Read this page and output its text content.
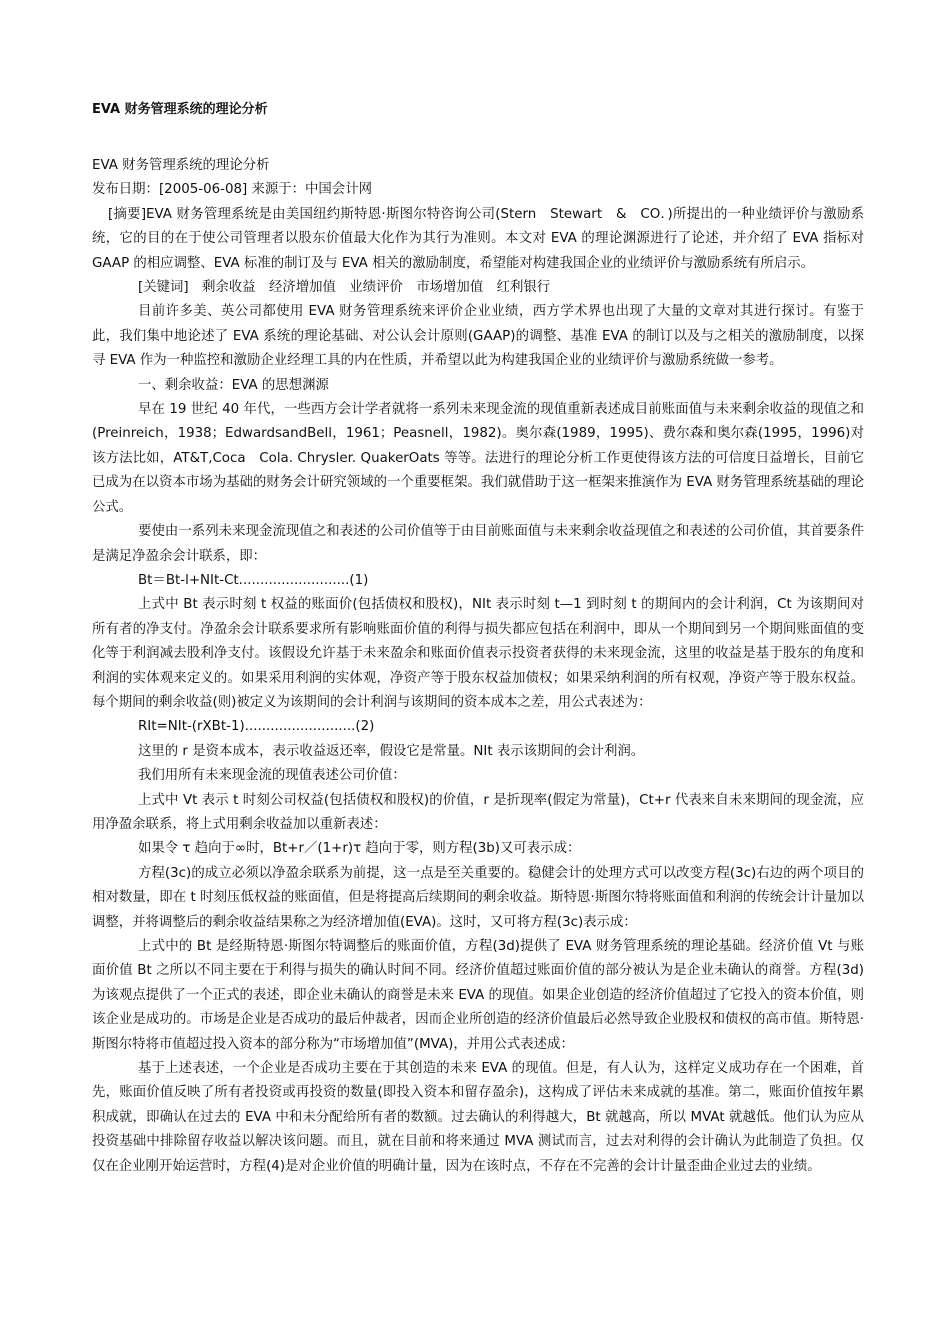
EVA 财务管理系统的理论分析

EVA 财务管理系统的理论分析

发布日期：[2005-06-08] 来源于：中国会计网

[摘要]EVA 财务管理系统是由美国纽约斯特恩·斯图尔特咨询公司(Stern　Stewart　&　CO．)所提出的一种业绩评价与激励系统，它的目的在于使公司管理者以股东价值最大化作为其行为准则。本文对 EVA 的理论渊源进行了论述，并介绍了 EVA 指标对 GAAP 的相应调整、EVA 标准的制订及与 EVA 相关的激励制度，希望能对构建我国企业的业绩评价与激励系统有所启示。

[关键词]　剩余收益　经济增加值　业绩评价　市场增加值　红利银行

目前许多美、英公司都使用 EVA 财务管理系统来评价企业业绩，西方学术界也出现了大量的文章对其进行探讨。有鉴于此，我们集中地论述了 EVA 系统的理论基础、对公认会计原则(GAAP)的调整、基准 EVA 的制订以及与之相关的激励制度，以探寻 EVA 作为一种监控和激励企业经理工具的内在性质，并希望以此为构建我国企业的业绩评价与激励系统做一参考。

一、剩余收益：EVA 的思想渊源

早在 19 世纪 40 年代，一些西方会计学者就将一系列未来现金流的现值重新表述成目前账面值与未来剩余收益的现值之和(Preinreich，1938；EdwardsandBell，1961；Peasnell，1982)。奥尔森(1989，1995)、费尔森和奥尔森(1995，1996)对该方法比如，AT&T,Coca　Cola. Chrysler. QuakerOats 等等。法进行的理论分析工作更使得该方法的可信度日益增长，目前它已成为在以资本市场为基础的财务会计研究领域的一个重要框架。我们就借助于这一框架来推演作为 EVA 财务管理系统基础的理论公式。

要使由一系列未来现金流现值之和表述的公司价值等于由目前账面值与未来剩余收益现值之和表述的公司价值，其首要条件是满足净盈余会计联系，即：

Bt＝Bt-l+NIt-Ct..........................(1)

上式中 Bt 表示时刻 t 权益的账面价(包括债权和股权)，NIt 表示时刻 t—1 到时刻 t 的期间内的会计利润，Ct 为该期间对所有者的净支付。净盈余会计联系要求所有影响账面价值的利得与损失都应包括在利润中，即从一个期间到另一个期间账面值的变化等于利润减去股利净支付。该假设允许基于未来盈余和账面价值表示投资者获得的未来现金流，这里的收益是基于股东的角度和利润的实体观来定义的。如果采用利润的实体观，净资产等于股东权益加债权；如果采纳利润的所有权观，净资产等于股东权益。每个期间的剩余收益(则)被定义为该期间的会计利润与该期间的资本成本之差，用公式表述为：

RIt=NIt-(rXBt-1)..........................(2)

这里的 r 是资本成本，表示收益返还率，假设它是常量。NIt 表示该期间的会计利润。

我们用所有未来现金流的现值表述公司价值：

上式中 Vt 表示 t 时刻公司权益(包括债权和股权)的价值，r 是折现率(假定为常量)，Ct+r 代表来自未来期间的现金流，应用净盈余联系，将上式用剩余收益加以重新表述：

如果令 τ 趋向于∞时，Bt+r／(1+r)τ 趋向于零，则方程(3b)又可表示成：

方程(3c)的成立必须以净盈余联系为前提，这一点是至关重要的。稳健会计的处理方式可以改变方程(3c)右边的两个项目的相对数量，即在 t 时刻压低权益的账面值，但是将提高后续期间的剩余收益。斯特恩·斯图尔特将账面值和利润的传统会计计量加以调整，并将调整后的剩余收益结果称之为经济增加值(EVA)。这时，又可将方程(3c)表示成：

上式中的 Bt 是经斯特恩·斯图尔特调整后的账面价值，方程(3d)提供了 EVA 财务管理系统的理论基础。经济价值 Vt 与账面价值 Bt 之所以不同主要在于利得与损失的确认时间不同。经济价值超过账面价值的部分被认为是企业未确认的商誉。方程(3d)为该观点提供了一个正式的表述，即企业未确认的商誉是未来 EVA 的现值。如果企业创造的经济价值超过了它投入的资本价值，则该企业是成功的。市场是企业是否成功的最后仲裁者，因而企业所创造的经济价值最后必然导致企业股权和债权的高市值。斯特恩·斯图尔特将市值超过投入资本的部分称为“市场增加值”(MVA)，并用公式表述成：

基于上述表述，一个企业是否成功主要在于其创造的未来 EVA 的现值。但是，有人认为，这样定义成功存在一个困难，首先，账面价值反映了所有者投资或再投资的数量(即投入资本和留存盈余)，这构成了评估未来成就的基准。第二，账面价值按年累积成就，即确认在过去的 EVA 中和未分配给所有者的数额。过去确认的利得越大，Bt 就越高，所以 MVAt 就越低。他们认为应从投资基础中排除留存收益以解决该问题。而且，就在目前和将来通过 MVA 测试而言，过去对利得的会计确认为此制造了负担。仅仅在企业刚开始运营时，方程(4)是对企业价值的明确计量，因为在该时点，不存在不完善的会计计量歪曲企业过去的业绩。
